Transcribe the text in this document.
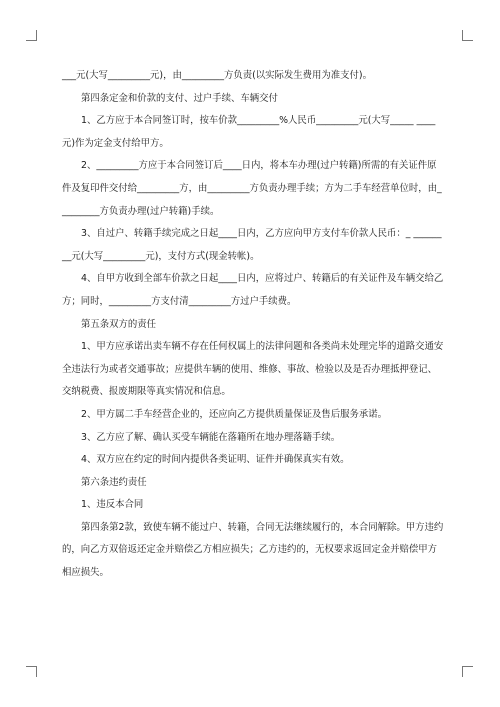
___元(大写_________元)，由_________方负责(以实际发生费用为准支付)。

第四条定金和价款的支付、过户手续、车辆交付

1、乙方应于本合同签订时，按车价款_________%人民币_________元(大写_____ ____元)作为定金支付给甲方。

2、_________方应于本合同签订后____日内，将本车办理(过户转籍)所需的有关证件原件及复印件交付给_________方，由_________方负责办理手续；方为二手车经营单位时，由_________方负责办理(过户转籍)手续。

3、自过户、转籍手续完成之日起____日内，乙方应向甲方支付车价款人民币：_ ________元(大写_________元)，支付方式(现金转帐)。

4、自甲方收到全部车价款之日起____日内，应将过户、转籍后的有关证件及车辆交给乙方；同时，_________方支付清_________方过户手续费。

第五条双方的责任

1、甲方应承诺出卖车辆不存在任何权属上的法律问题和各类尚未处理完毕的道路交通安全违法行为或者交通事故；应提供车辆的使用、维修、事故、检验以及是否办理抵押登记、交纳税费、报废期限等真实情况和信息。

2、甲方属二手车经营企业的，还应向乙方提供质量保证及售后服务承诺。

3、乙方应了解、确认买受车辆能在落籍所在地办理落籍手续。

4、双方应在约定的时间内提供各类证明、证件并确保真实有效。

第六条违约责任

1、违反本合同

第四条第2款，致使车辆不能过户、转籍，合同无法继续履行的，本合同解除。甲方违约的，向乙方双倍返还定金并赔偿乙方相应损失；乙方违约的，无权要求返回定金并赔偿甲方相应损失。
